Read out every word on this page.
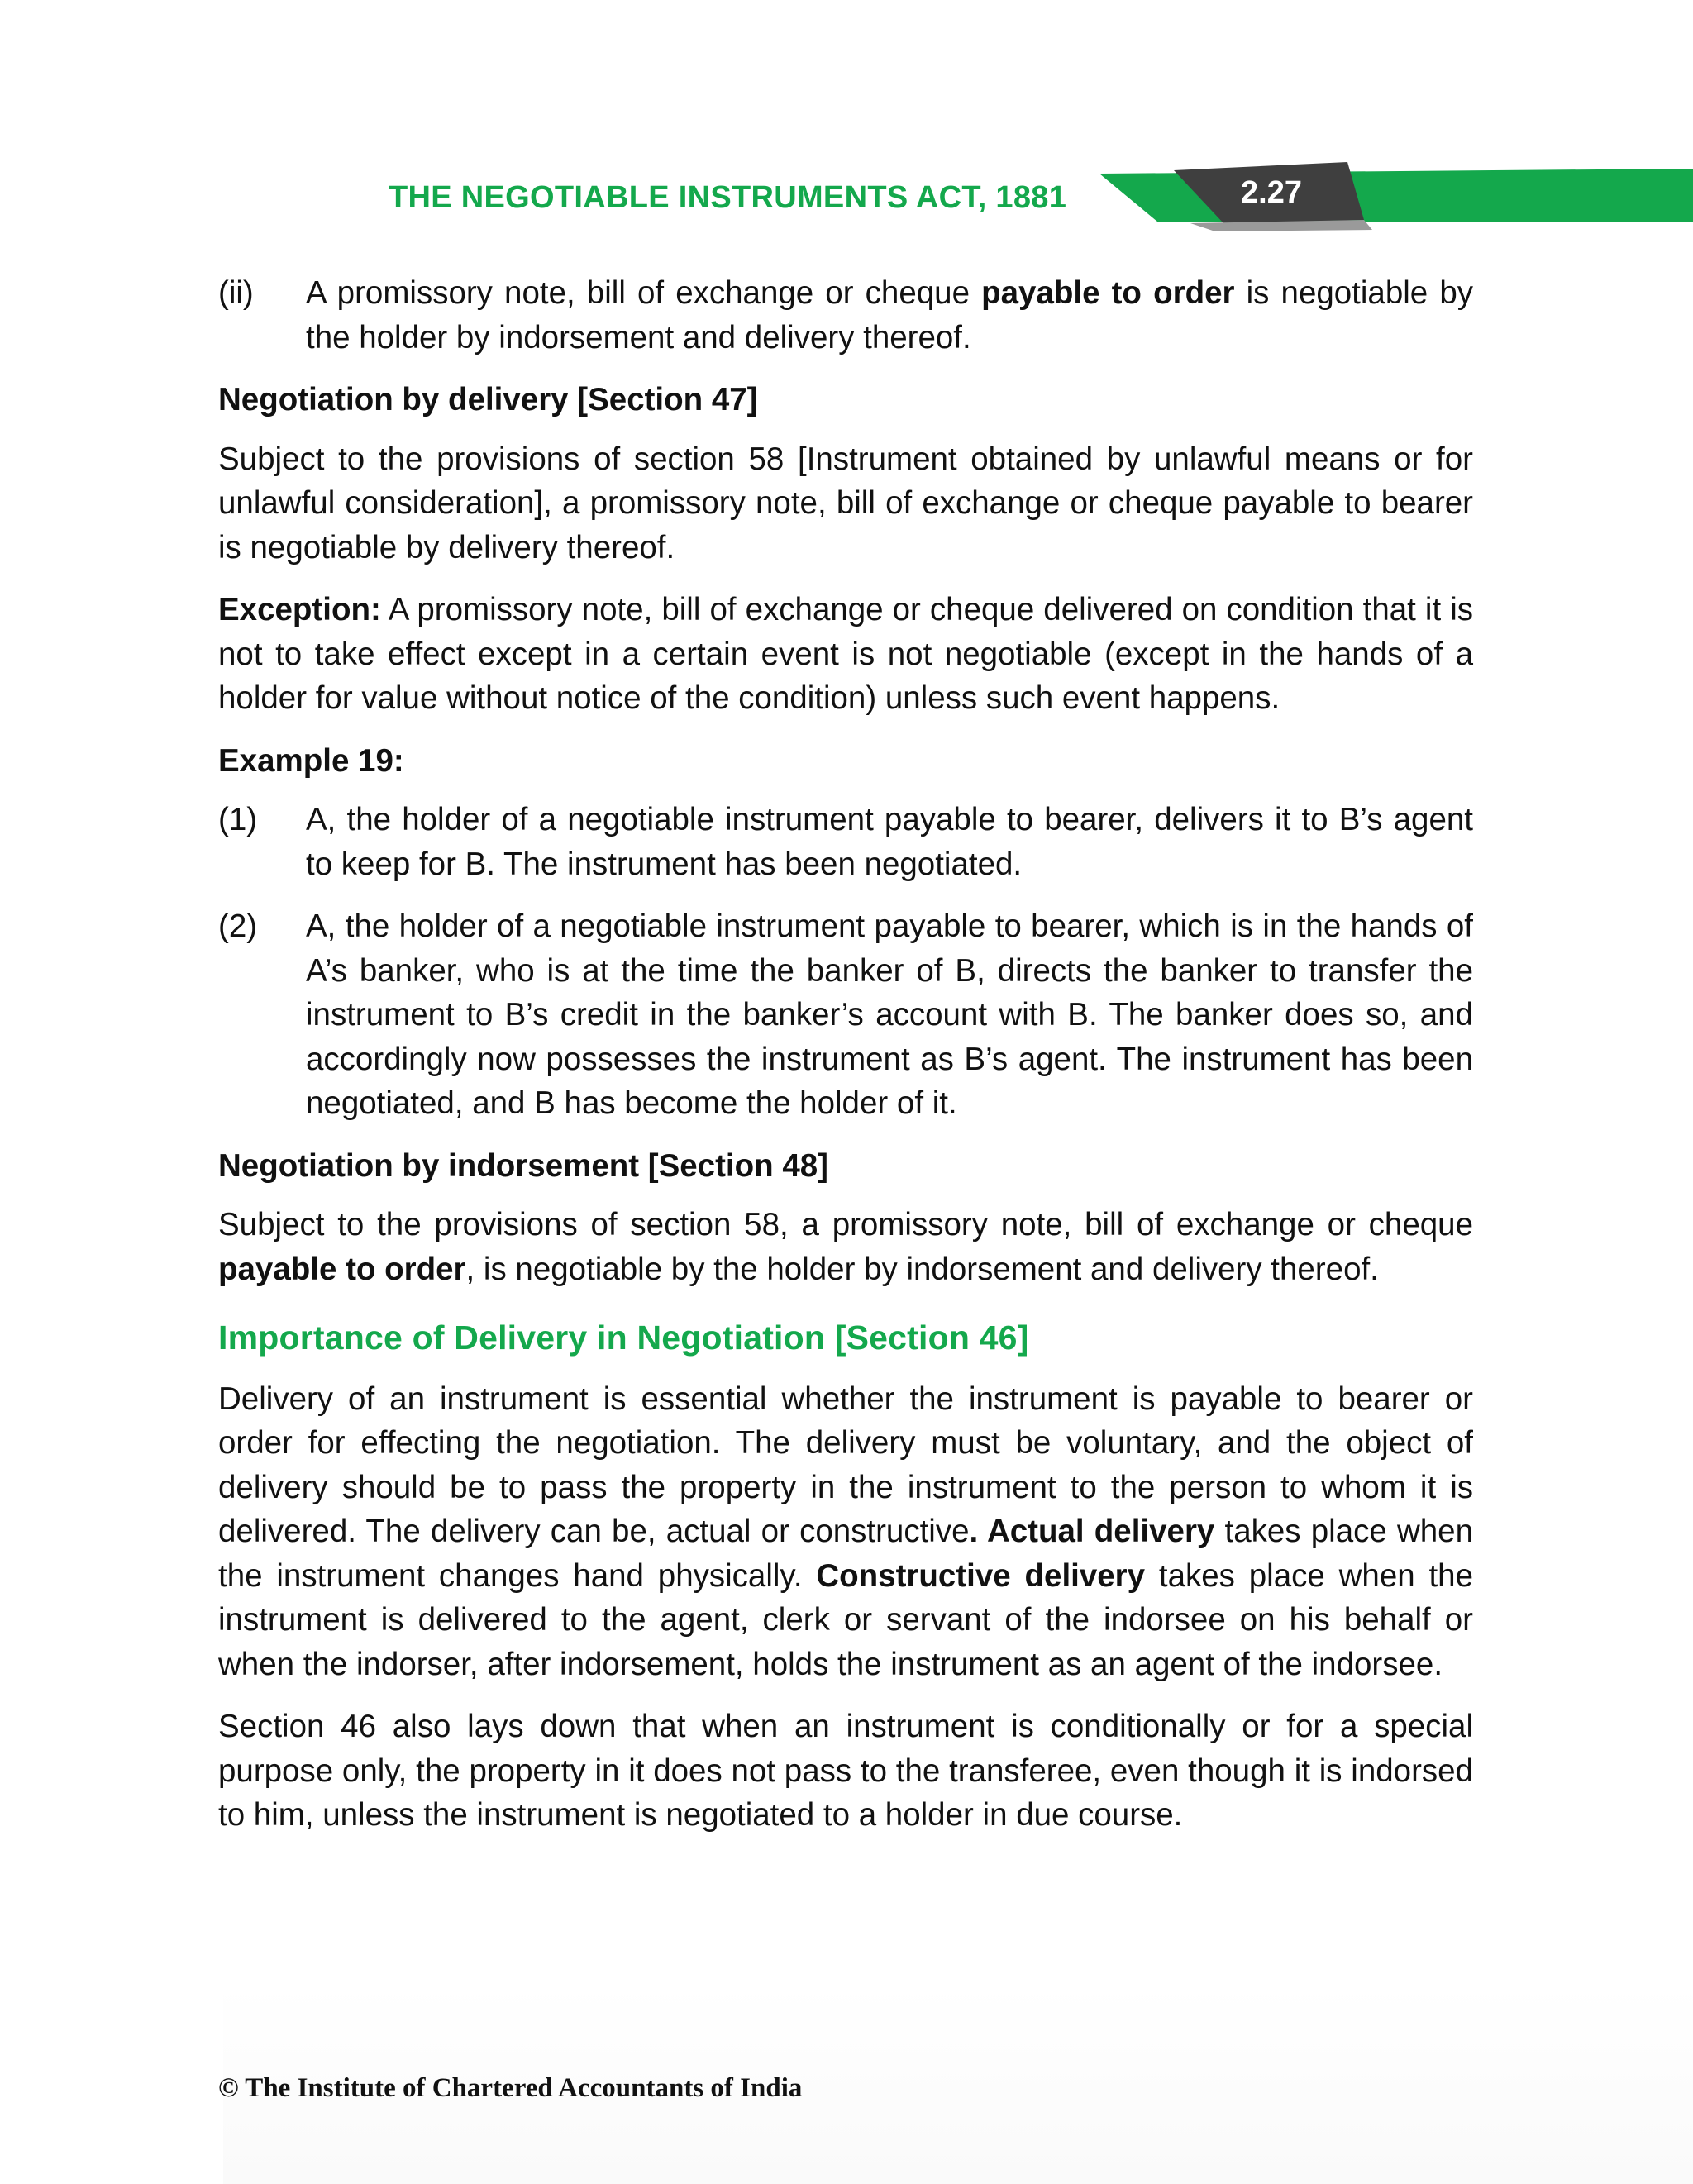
THE NEGOTIABLE INSTRUMENTS ACT, 1881	2.27
(ii)	A promissory note, bill of exchange or cheque payable to order is negotiable by the holder by indorsement and delivery thereof.
Negotiation by delivery [Section 47]

Subject to the provisions of section 58 [Instrument obtained by unlawful means or for unlawful consideration], a promissory note, bill of exchange or cheque payable to bearer is negotiable by delivery thereof.

Exception: A promissory note, bill of exchange or cheque delivered on condition that it is not to take effect except in a certain event is not negotiable (except in the hands of a holder for value without notice of the condition) unless such event happens.

Example 19:
(1)	A, the holder of a negotiable instrument payable to bearer, delivers it to B’s agent to keep for B. The instrument has been negotiated.
(2)	A, the holder of a negotiable instrument payable to bearer, which is in the hands of A’s banker, who is at the time the banker of B, directs the banker to transfer the instrument to B’s credit in the banker’s account with B. The banker does so, and accordingly now possesses the instrument as B’s agent. The instrument has been negotiated, and B has become the holder of it.
Negotiation by indorsement [Section 48]

Subject to the provisions of section 58, a promissory note, bill of exchange or cheque payable to order, is negotiable by the holder by indorsement and delivery thereof.

Importance of Delivery in Negotiation [Section 46]

Delivery of an instrument is essential whether the instrument is payable to bearer or order for effecting the negotiation. The delivery must be voluntary, and the object of delivery should be to pass the property in the instrument to the person to whom it is delivered. The delivery can be, actual or constructive. Actual delivery takes place when the instrument changes hand physically. Constructive delivery takes place when the instrument is delivered to the agent, clerk or servant of the indorsee on his behalf or when the indorser, after indorsement, holds the instrument as an agent of the indorsee.

Section 46 also lays down that when an instrument is conditionally or for a special purpose only, the property in it does not pass to the transferee, even though it is indorsed to him, unless the instrument is negotiated to a holder in due course.

© The Institute of Chartered Accountants of India
